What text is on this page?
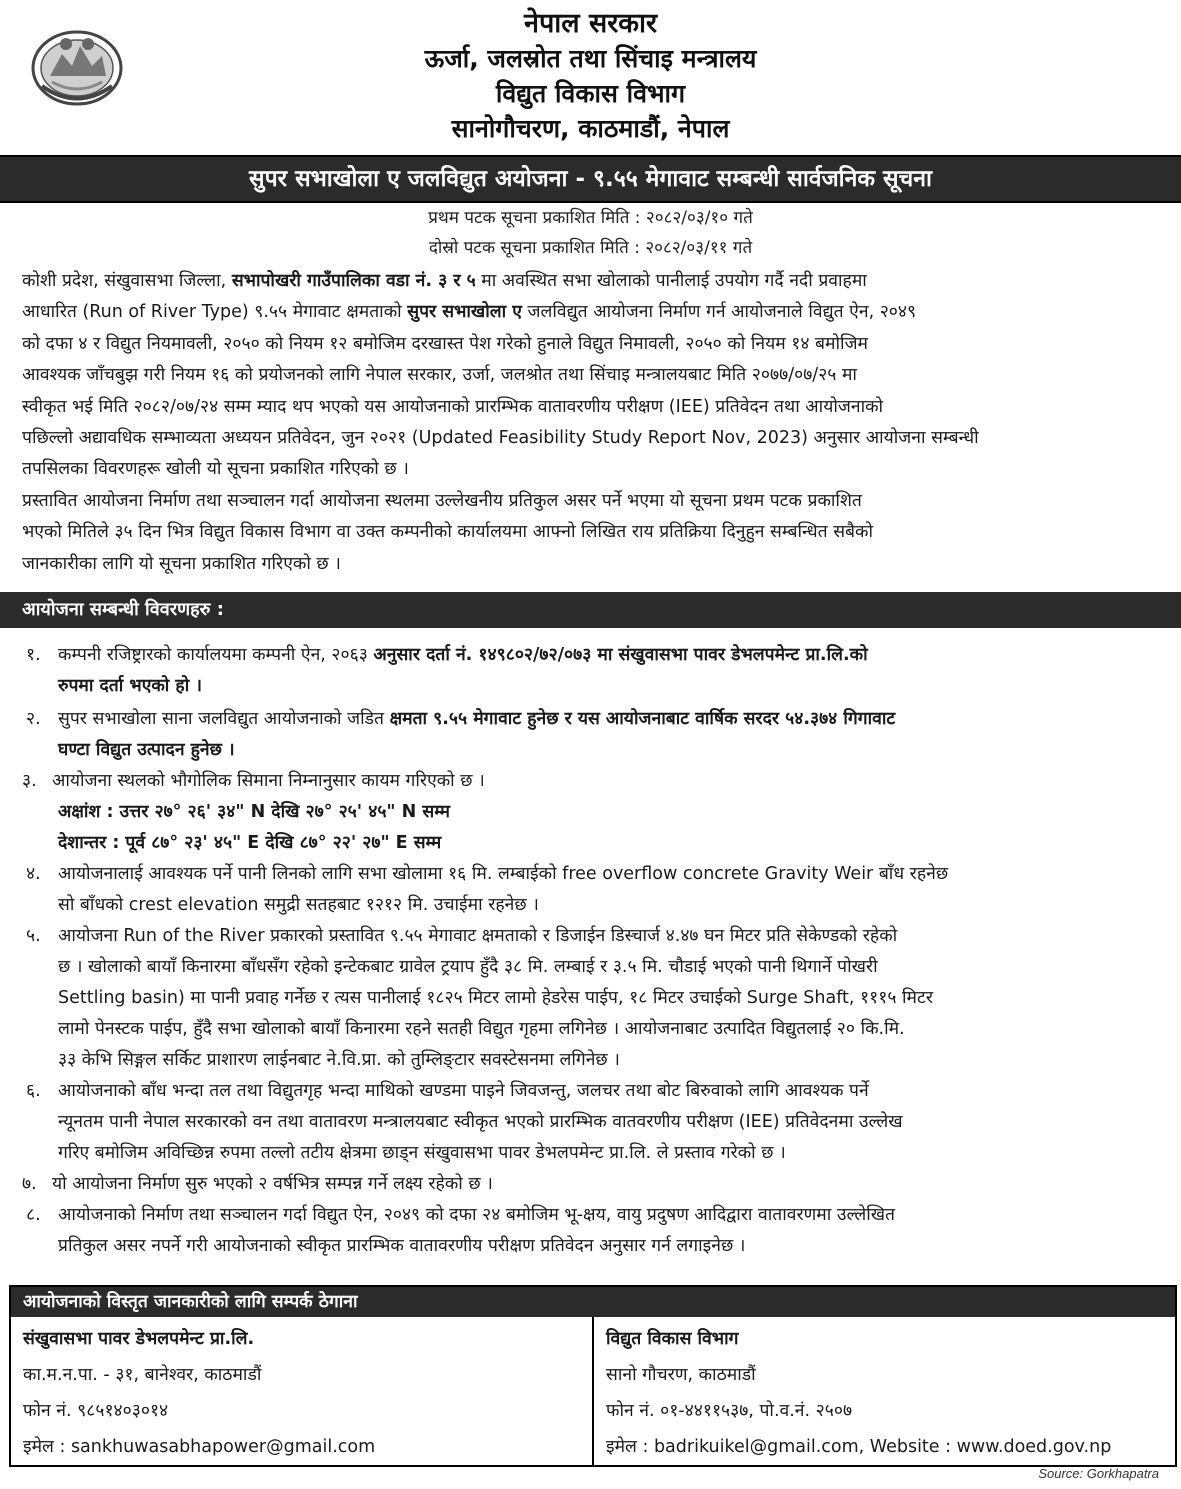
नेपाल सरकार
ऊर्जा, जलस्रोत तथा सिंचाइ मन्त्रालय
विद्युत विकास विभाग
सानोगौचरण, काठमाडौं, नेपाल
सुपर सभाखोला ए जलविद्युत अयोजना - ९.५५ मेगावाट सम्बन्धी सार्वजनिक सूचना
प्रथम पटक सूचना प्रकाशित मिति : २०८२/०३/१० गते
दोस्रो पटक सूचना प्रकाशित मिति : २०८२/०३/११ गते
कोशी प्रदेश, संखुवासभा जिल्ला, सभापोखरी गाउँपालिका वडा नं. ३ र ५ मा अवस्थित सभा खोलाको पानीलाई उपयोग गर्दै नदी प्रवाहमा
आधारित (Run of River Type) ९.५५ मेगावाट क्षमताको सुपर सभाखोला ए जलविद्युत आयोजना निर्माण गर्न आयोजनाले विद्युत ऐन, २०४९
को दफा ४ र विद्युत नियमावली, २०५० को नियम १२ बमोजिम दरखास्त पेश गरेको हुनाले विद्युत निमावली, २०५० को नियम १४ बमोजिम
आवश्यक जाँचबुझ गरी नियम १६ को प्रयोजनको लागि नेपाल सरकार, उर्जा, जलश्रोत तथा सिंचाइ मन्त्रालयबाट मिति २०७७/०७/२५ मा
स्वीकृत भई मिति २०८२/०७/२४ सम्म म्याद थप भएको यस आयोजनाको प्रारम्भिक वातावरणीय परीक्षण (IEE) प्रतिवेदन तथा आयोजनाको
पछिल्लो अद्यावधिक सम्भाव्यता अध्ययन प्रतिवेदन, जुन २०२१ (Updated Feasibility Study Report Nov, 2023) अनुसार आयोजना सम्बन्धी
तपसिलका विवरणहरू खोली यो सूचना प्रकाशित गरिएको छ ।
प्रस्तावित आयोजना निर्माण तथा सञ्चालन गर्दा आयोजना स्थलमा उल्लेखनीय प्रतिकुल असर पर्ने भएमा यो सूचना प्रथम पटक प्रकाशित
भएको मितिले ३५ दिन भित्र विद्युत विकास विभाग वा उक्त कम्पनीको कार्यालयमा आफ्नो लिखित राय प्रतिक्रिया दिनुहुन सम्बन्धित सबैको
जानकारीका लागि यो सूचना प्रकाशित गरिएको छ ।
आयोजना सम्बन्धी विवरणहरु :
१. कम्पनी रजिष्ट्रारको कार्यालयमा कम्पनी ऐन, २०६३ अनुसार दर्ता नं. १४९८०२/७२/०७३ मा संखुवासभा पावर डेभलपमेन्ट प्रा.लि.को
रुपमा दर्ता भएको हो ।
२. सुपर सभाखोला साना जलविद्युत आयोजनाको जडित क्षमता ९.५५ मेगावाट हुनेछ र यस आयोजनाबाट वार्षिक सरदर ५४.३७४ गिगावाट
घण्टा विद्युत उत्पादन हुनेछ ।
३. आयोजना स्थलको भौगोलिक सिमाना निम्नानुसार कायम गरिएको छ ।
अक्षांश : उत्तर २७° २६' ३४" N देखि २७° २५' ४५" N सम्म
देशान्तर : पूर्व ८७° २३' ४५" E देखि ८७° २२' २७" E सम्म
४. आयोजनालाई आवश्यक पर्ने पानी लिनको लागि सभा खोलामा १६ मि. लम्बाईको free overflow concrete Gravity Weir बाँध रहनेछ
सो बाँधको crest elevation समुद्री सतहबाट १२१२ मि. उचाईमा रहनेछ ।
५. आयोजना Run of the River प्रकारको प्रस्तावित ९.५५ मेगावाट क्षमताको र डिजाईन डिस्चार्ज ४.४७ घन मिटर प्रति सेकेण्डको रहेको
छ । खोलाको बायाँ किनारमा बाँधसँग रहेको इन्टेकबाट ग्रावेल ट्रयाप हुँदै ३८ मि. लम्बाई र ३.५ मि. चौडाई भएको पानी थिगार्ने पोखरी
Settling basin) मा पानी प्रवाह गर्नेछ र त्यस पानीलाई १८२५ मिटर लामो हेडरेस पाईप, १८ मिटर उचाईको Surge Shaft, १११५ मिटर
लामो पेनस्टक पाईप, हुँदै सभा खोलाको बायाँ किनारमा रहने सतही विद्युत गृहमा लगिनेछ । आयोजनाबाट उत्पादित विद्युतलाई २० कि.मि.
३३ केभि सिङ्गल सर्किट प्राशारण लाईनबाट ने.वि.प्रा. को तुम्लिङ्टार सवस्टेसनमा लगिनेछ ।
६. आयोजनाको बाँध भन्दा तल तथा विद्युतगृह भन्दा माथिको खण्डमा पाइने जिवजन्तु, जलचर तथा बोट बिरुवाको लागि आवश्यक पर्ने
न्यूनतम पानी नेपाल सरकारको वन तथा वातावरण मन्त्रालयबाट स्वीकृत भएको प्रारम्भिक वातवरणीय परीक्षण (IEE) प्रतिवेदनमा उल्लेख
गरिए बमोजिम अविच्छिन्न रुपमा तल्लो तटीय क्षेत्रमा छाड्न संखुवासभा पावर डेभलपमेन्ट प्रा.लि. ले प्रस्ताव गरेको छ ।
७. यो आयोजना निर्माण सुरु भएको २ वर्षभित्र सम्पन्न गर्ने लक्ष्य रहेको छ ।
८. आयोजनाको निर्माण तथा सञ्चालन गर्दा विद्युत ऐन, २०४९ को दफा २४ बमोजिम भू-क्षय, वायु प्रदुषण आदिद्वारा वातावरणमा उल्लेखित
प्रतिकुल असर नपर्ने गरी आयोजनाको स्वीकृत प्रारम्भिक वातावरणीय परीक्षण प्रतिवेदन अनुसार गर्न लगाइनेछ ।
आयोजनाको विस्तृत जानकारीको लागि सम्पर्क ठेगाना
संखुवासभा पावर डेभलपमेन्ट प्रा.लि.
का.म.न.पा. - ३१, बानेश्वर, काठमाडौं
फोन नं. ९८५१४०३०१४
इमेल : sankhuwasabhapower@gmail.com
विद्युत विकास विभाग
सानो गौचरण, काठमाडौं
फोन नं. ०१-४४११५३७, पो.व.नं. २५०७
इमेल : badrikuikel@gmail.com, Website : www.doed.gov.np
Source: Gorkhapatra
